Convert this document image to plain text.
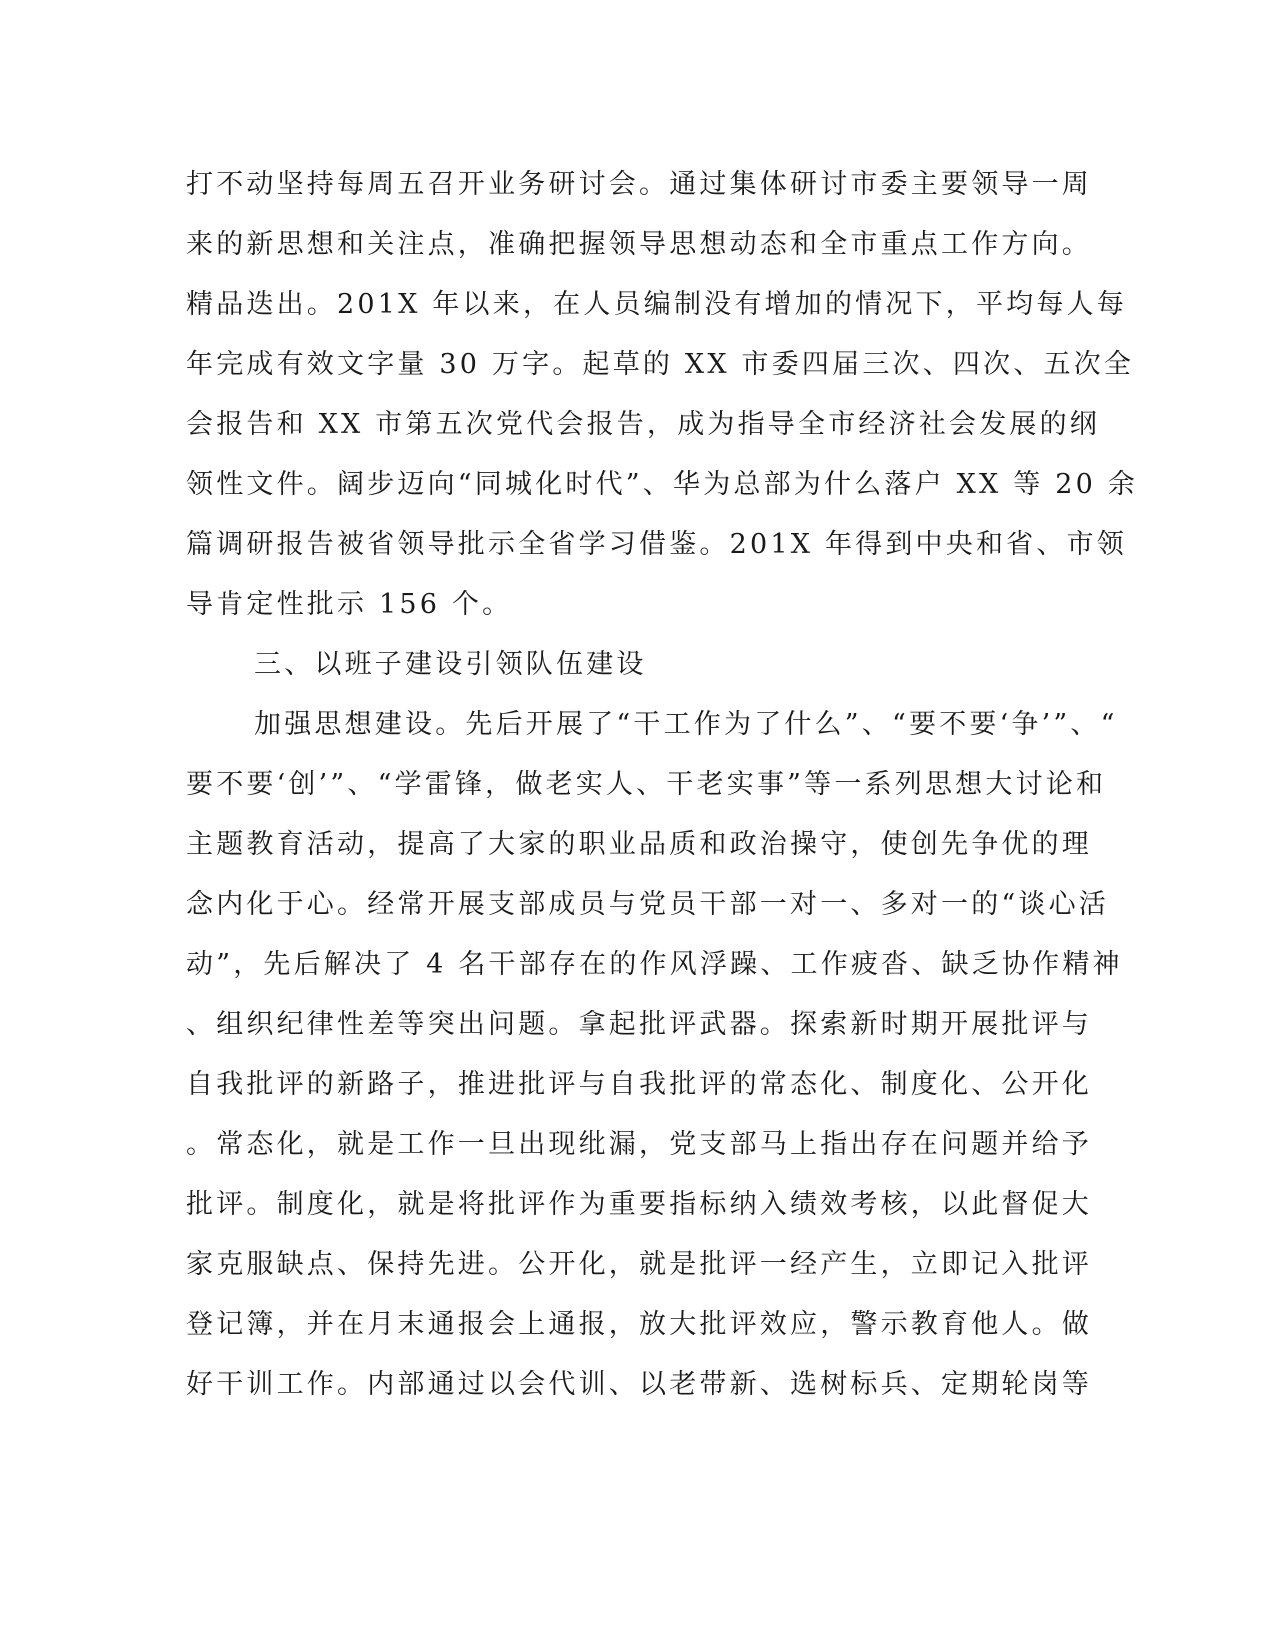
打不动坚持每周五召开业务研讨会。通过集体研讨市委主要领导一周
来的新思想和关注点，准确把握领导思想动态和全市重点工作方向。
精品迭出。201X 年以来，在人员编制没有增加的情况下，平均每人每
年完成有效文字量 30 万字。起草的 XX 市委四届三次、四次、五次全
会报告和 XX 市第五次党代会报告，成为指导全市经济社会发展的纲
领性文件。阔步迈向“同城化时代”、华为总部为什么落户 XX 等 20 余
篇调研报告被省领导批示全省学习借鉴。201X 年得到中央和省、市领
导肯定性批示 156 个。
三、以班子建设引领队伍建设
加强思想建设。先后开展了“干工作为了什么”、“要不要‘争’”、“
要不要‘创’”、“学雷锋，做老实人、干老实事”等一系列思想大讨论和
主题教育活动，提高了大家的职业品质和政治操守，使创先争优的理
念内化于心。经常开展支部成员与党员干部一对一、多对一的“谈心活
动”，先后解决了 4 名干部存在的作风浮躁、工作疲沓、缺乏协作精神
、组织纪律性差等突出问题。拿起批评武器。探索新时期开展批评与
自我批评的新路子，推进批评与自我批评的常态化、制度化、公开化
。常态化，就是工作一旦出现纰漏，党支部马上指出存在问题并给予
批评。制度化，就是将批评作为重要指标纳入绩效考核，以此督促大
家克服缺点、保持先进。公开化，就是批评一经产生，立即记入批评
登记簿，并在月末通报会上通报，放大批评效应，警示教育他人。做
好干训工作。内部通过以会代训、以老带新、选树标兵、定期轮岗等
